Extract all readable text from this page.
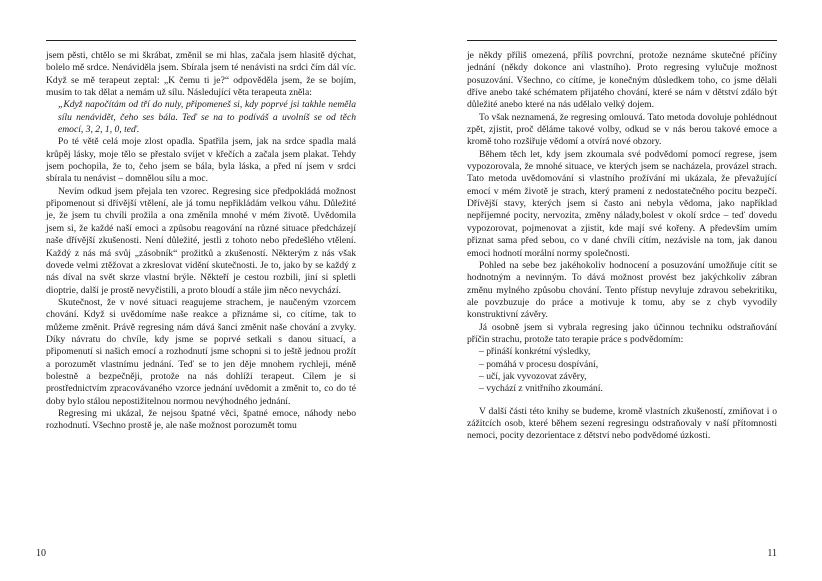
jsem pěsti, chtělo se mi škrábat, změnil se mi hlas, začala jsem hlasitě dýchat, bolelo mě srdce. Nenáviděla jsem. Sbírala jsem té nenávisti na srdci čím dál víc. Když se mě terapeut zeptal: „K čemu ti je?“ odpověděla jsem, že se bojím, musím to tak dělat a nemám už sílu. Následující věta terapeuta zněla:

„Když napočítám od tří do nuly, připomeneš si, kdy poprvé jsi takhle neměla sílu nenávidět, čeho ses bála. Teď se na to podíváš a uvolníš se od těch emocí, 3, 2, 1, 0, teď.

Po té větě celá moje zlost opadla. Spatřila jsem, jak na srdce spadla malá krůpěj lásky, moje tělo se přestalo svíjet v křečích a začala jsem plakat. Tehdy jsem pochopila, že to, čeho jsem se bála, byla láska, a před ní jsem v srdci sbírala tu nenávist – domnělou sílu a moc.

Nevím odkud jsem přejala ten vzorec. Regresing sice předpokládá možnost připomenout si dřívější vtělení, ale já tomu nepřikládám velkou váhu. Důležité je, že jsem tu chvíli prožila a ona změnila mnohé v mém životě. Uvědomila jsem si, že každé naší emoci a způsobu reagování na různé situace předcházejí naše dřívější zkušenosti. Není důležité, jestli z tohoto nebo předešlého vtělení. Každý z nás má svůj „zásobník“ prožitků a zkušeností. Některým z nás však dovede velmi ztěžovat a zkreslovat vidění skutečnosti. Je to, jako by se každý z nás díval na svět skrze vlastní brýle. Někteří je cestou rozbili, jiní si spletli dioptrie, další je prostě nevyčistili, a proto bloudí a stále jim něco nevychází.

Skutečnost, že v nové situaci reagujeme strachem, je naučeným vzorcem chování. Když si uvědomíme naše reakce a přiznáme si, co cítíme, tak to můžeme změnit. Právě regresing nám dává šanci změnit naše chování a zvyky. Díky návratu do chvíle, kdy jsme se poprvé setkali s danou situací, a připomenutí si našich emocí a rozhodnutí jsme schopni si to ještě jednou prožít a porozumět vlastnímu jednání. Teď se to jen děje mnohem rychleji, méně bolestně a bezpečněji, protože na nás dohlíží terapeut. Cílem je si prostřednictvím zpracovávaného vzorce jednání uvědomit a změnit to, co do té doby bylo stálou nepostižitelnou normou nevýhodného jednání.

Regresing mi ukázal, že nejsou špatné věci, špatné emoce, náhody nebo rozhodnutí. Všechno prostě je, ale naše možnost porozumět tomu

10

je někdy příliš omezená, příliš povrchní, protože neznáme skutečné příčiny jednání (někdy dokonce ani vlastního). Proto regresing vylučuje možnost posuzování. Všechno, co cítíme, je konečným důsledkem toho, co jsme dělali dříve anebo také schématem přijatého chování, které se nám v dětství zdálo být důležité anebo které na nás udělalo velký dojem.

To však neznamená, že regresing omlouvá. Tato metoda dovoluje pohlédnout zpět, zjistit, proč děláme takové volby, odkud se v nás berou takové emoce a kromě toho rozšiřuje vědomí a otvírá nové obzory.

Během těch let, kdy jsem zkoumala své podvědomí pomocí regrese, jsem vypozorovala, že mnohé situace, ve kterých jsem se nacházela, provázel strach. Tato metoda uvědomování si vlastního prožívání mi ukázala, že převažující emocí v mém životě je strach, který pramení z nedostatečného pocitu bezpečí. Dřívější stavy, kterých jsem si často ani nebyla vědoma, jako například nepříjemné pocity, nervozita, změny nálady,bolest v okolí srdce – teď dovedu vypozorovat, pojmenovat a zjistit, kde mají své kořeny. A především umím přiznat sama před sebou, co v dané chvíli cítím, nezávisle na tom, jak danou emoci hodnotí morální normy společnosti.

Pohled na sebe bez jakéhokoliv hodnocení a posuzování umožňuje cítit se hodnotným a nevinným. To dává možnost provést bez jakýchkoliv zábran změnu mylného způsobu chování. Tento přístup nevyluje zdravou sebekritiku, ale povzbuzuje do práce a motivuje k tomu, aby se z chyb vyvodily konstruktivní závěry.

Já osobně jsem si vybrala regresing jako účinnou techniku odstraňování příčin strachu, protože tato terapie práce s podvědomím:

– přináší konkrétní výsledky,
– pomáhá v procesu dospívání,
– učí, jak vyvozovat závěry,
– vychází z vnitřního zkoumání.

V další části této knihy se budeme, kromě vlastních zkušeností, zmiňovat i o zážitcích osob, které během sezení regresingu odstraňovaly v naší přítomnosti nemoci, pocity dezorientace z dětství nebo podvědomé úzkosti.

11
